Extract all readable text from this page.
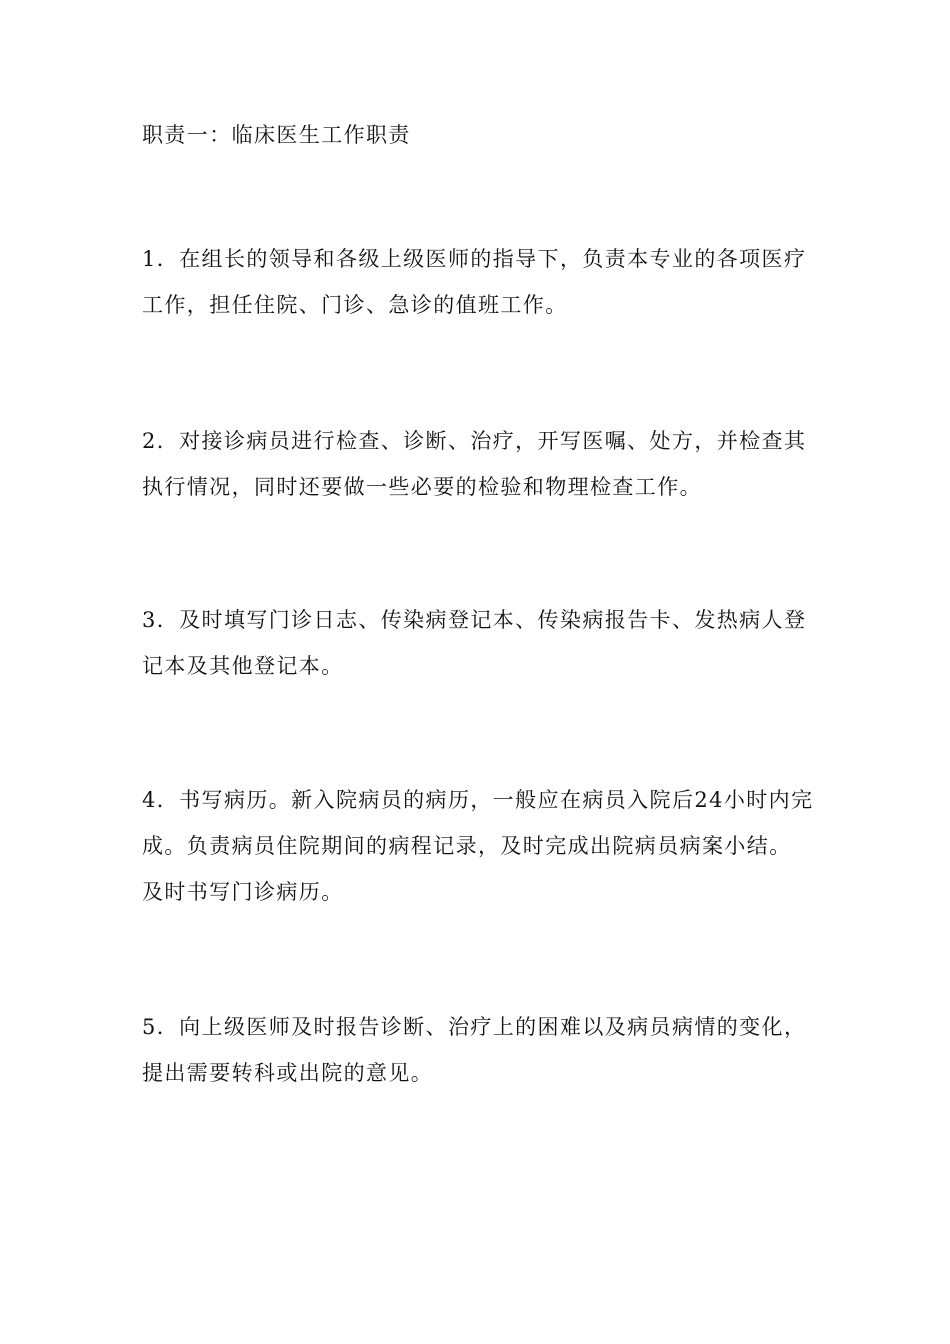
职责一：临床医生工作职责
1．在组长的领导和各级上级医师的指导下，负责本专业的各项医疗
工作，担任住院、门诊、急诊的值班工作。
2．对接诊病员进行检查、诊断、治疗，开写医嘱、处方，并检查其
执行情况，同时还要做一些必要的检验和物理检查工作。
3．及时填写门诊日志、传染病登记本、传染病报告卡、发热病人登
记本及其他登记本。
4．书写病历。新入院病员的病历，一般应在病员入院后24小时内完
成。负责病员住院期间的病程记录，及时完成出院病员病案小结。
及时书写门诊病历。
5．向上级医师及时报告诊断、治疗上的困难以及病员病情的变化，
提出需要转科或出院的意见。
